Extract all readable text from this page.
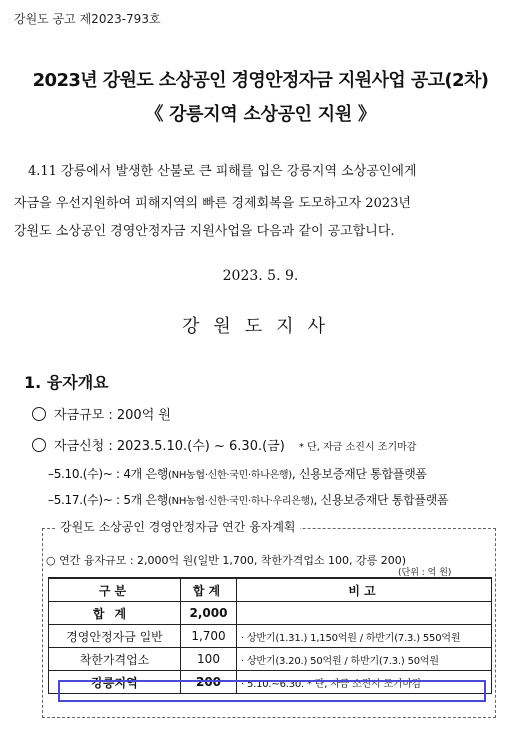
강원도 공고 제2023-793호
2023년 강원도 소상공인 경영안정자금 지원사업 공고(2차)
《 강릉지역 소상공인 지원 》
4.11 강릉에서 발생한 산불로 큰 피해를 입은 강릉지역 소상공인에게
자금을 우선지원하여 피해지역의 빠른 경제회복을 도모하고자 2023년
강원도 소상공인 경영안정자금 지원사업을 다음과 같이 공고합니다.
2023. 5. 9.
강원도지사
1. 융자개요
자금규모 : 200억 원
자금신청 : 2023.5.10.(수) ~ 6.30.(금) * 단, 자금 소진시 조기마감
–5.10.(수)~ : 4개 은행(NH농협·신한·국민·하나은행), 신용보증재단 통합플랫폼
–5.17.(수)~ : 5개 은행(NH농협·신한·국민·하나·우리은행), 신용보증재단 통합플랫폼
강원도 소상공인 경영안정자금 연간 융자계획
○ 연간 융자규모 : 2,000억 원(일반 1,700, 착한가격업소 100, 강릉 200)
(단위 : 억 원)
구분	합계	비고
합계	2,000	
경영안정자금 일반	1,700	· 상반기(1.31.) 1,150억원 / 하반기(7.3.) 550억원
착한가격업소	100	· 상반기(3.20.) 50억원 / 하반기(7.3.) 50억원
강릉지역	200	· 5.10.~6.30. * 단, 자금 소진시 조기마감
